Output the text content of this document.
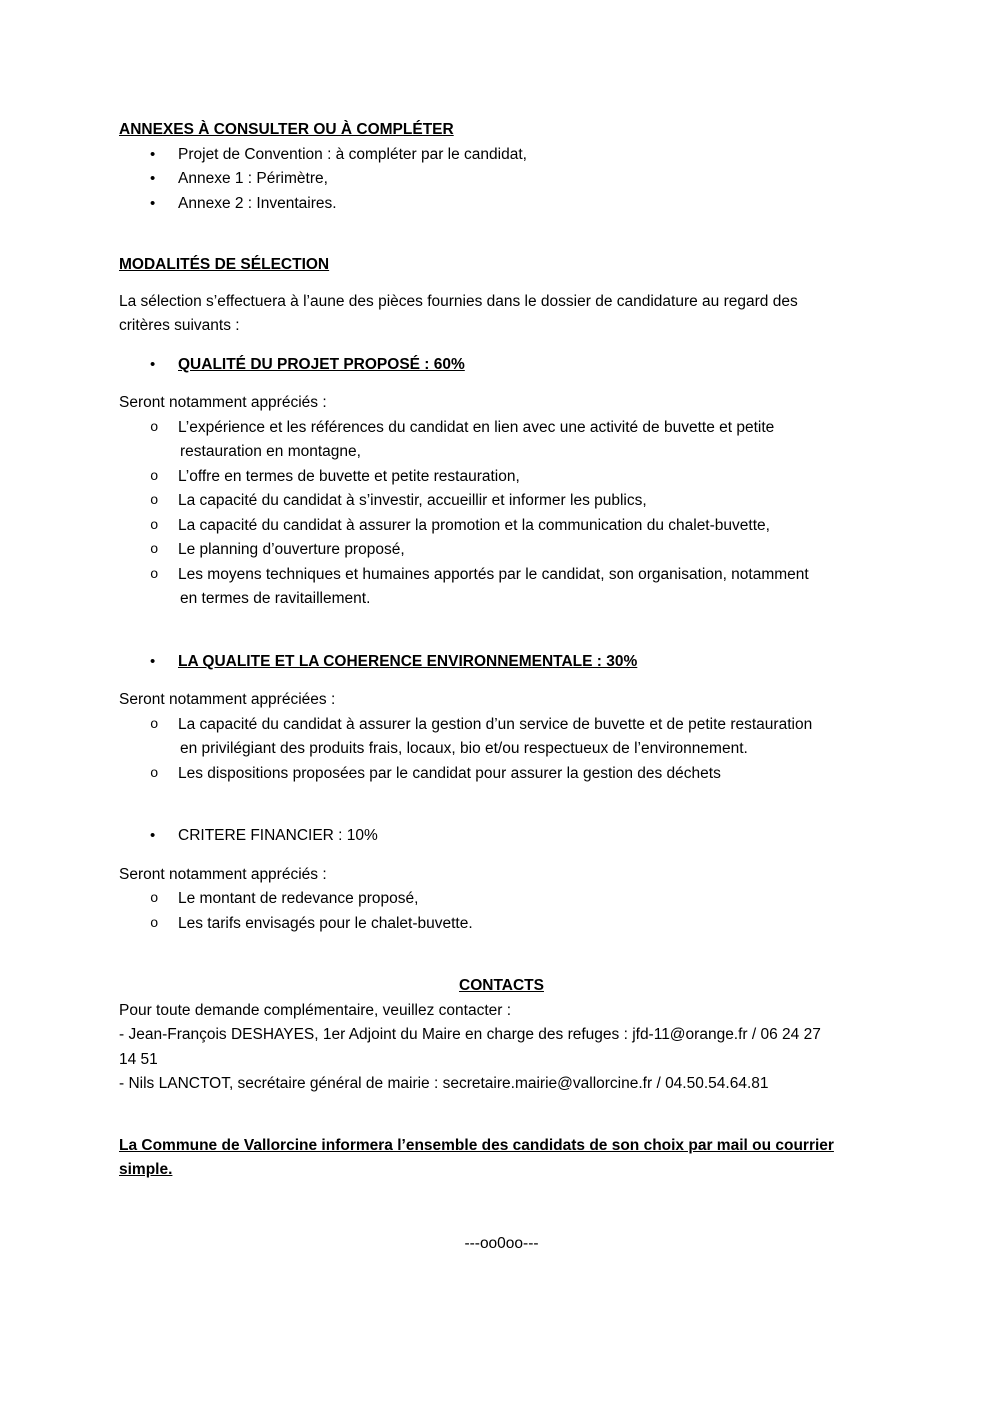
ANNEXES À CONSULTER OU À COMPLÉTER
• Projet de Convention : à compléter par le candidat,
• Annexe 1 : Périmètre,
• Annexe 2 : Inventaires.
MODALITÉS DE SÉLECTION
La sélection s’effectuera à l’aune des pièces fournies dans le dossier de candidature au regard des
critères suivants :
• QUALITÉ DU PROJET PROPOSÉ : 60%
Seront notamment appréciés :
o L’expérience et les références du candidat en lien avec une activité de buvette et petite
restauration en montagne,
o L’offre en termes de buvette et petite restauration,
o La capacité du candidat à s’investir, accueillir et informer les publics,
o La capacité du candidat à assurer la promotion et la communication du chalet-buvette,
o Le planning d’ouverture proposé,
o Les moyens techniques et humaines apportés par le candidat, son organisation, notamment
en termes de ravitaillement.
• LA QUALITE ET LA COHERENCE ENVIRONNEMENTALE : 30%
Seront notamment appréciées :
o La capacité du candidat à assurer la gestion d’un service de buvette et de petite restauration
en privilégiant des produits frais, locaux, bio et/ou respectueux de l’environnement.
o Les dispositions proposées par le candidat pour assurer la gestion des déchets
• CRITERE FINANCIER : 10%
Seront notamment appréciés :
o Le montant de redevance proposé,
o Les tarifs envisagés pour le chalet-buvette.
CONTACTS
Pour toute demande complémentaire, veuillez contacter :
- Jean-François DESHAYES, 1er Adjoint du Maire en charge des refuges : jfd-11@orange.fr / 06 24 27
14 51
- Nils LANCTOT, secrétaire général de mairie : secretaire.mairie@vallorcine.fr / 04.50.54.64.81
La Commune de Vallorcine informera l’ensemble des candidats de son choix par mail ou courrier
simple.
---oo0oo---
